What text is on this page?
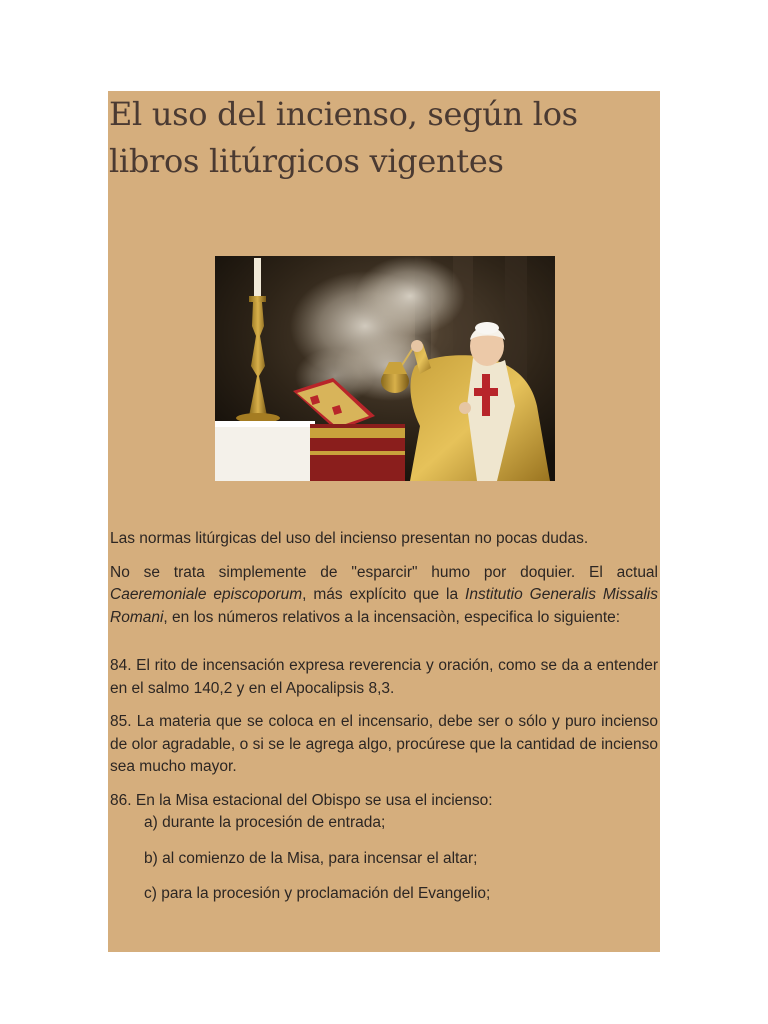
El uso del incienso, según los
libros litúrgicos vigentes

Las normas litúrgicas del uso del incienso presentan no pocas dudas.

No se trata simplemente de "esparcir" humo por doquier. El actual Caeremoniale episcoporum, más explícito que la Institutio Generalis Missalis Romani, en los números relativos a la incensaciòn, especifica lo siguiente:

84. El rito de incensación expresa reverencia y oración, como se da a entender en el salmo 140,2 y en el Apocalipsis 8,3.

85. La materia que se coloca en el incensario, debe ser o sólo y puro incienso de olor agradable, o si se le agrega algo, procúrese que la cantidad de incienso sea mucho mayor.

86. En la Misa estacional del Obispo se usa el incienso:

a) durante la procesión de entrada;
b) al comienzo de la Misa, para incensar el altar;
c) para la procesión y proclamación del Evangelio;
